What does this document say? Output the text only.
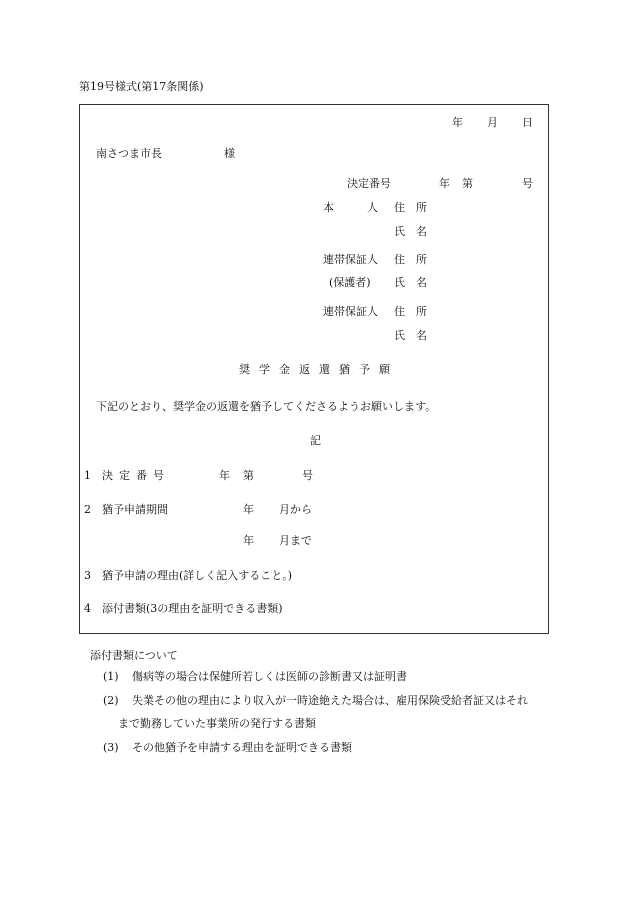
第19号様式(第17条関係)
年 月 日
南さつま市長	様
決定番号	年 第	号
本　　　人 住　所
氏　名
連帯保証人 住　所
(保護者) 氏　名
連帯保証人 住　所
氏　名
奨学金返還猶予願
下記のとおり、奨学金の返還を猶予してくださるようお願いします。
記
1 決定番号	年 第	号
2 猶予申請期間	年 月から
年 月まで
3 猶予申請の理由(詳しく記入すること。)
4 添付書類(3の理由を証明できる書類)
添付書類について
(1) 傷病等の場合は保健所若しくは医師の診断書又は証明書
(2) 失業その他の理由により収入が一時途絶えた場合は、雇用保険受給者証又はそれ
まで勤務していた事業所の発行する書類
(3) その他猶予を申請する理由を証明できる書類
